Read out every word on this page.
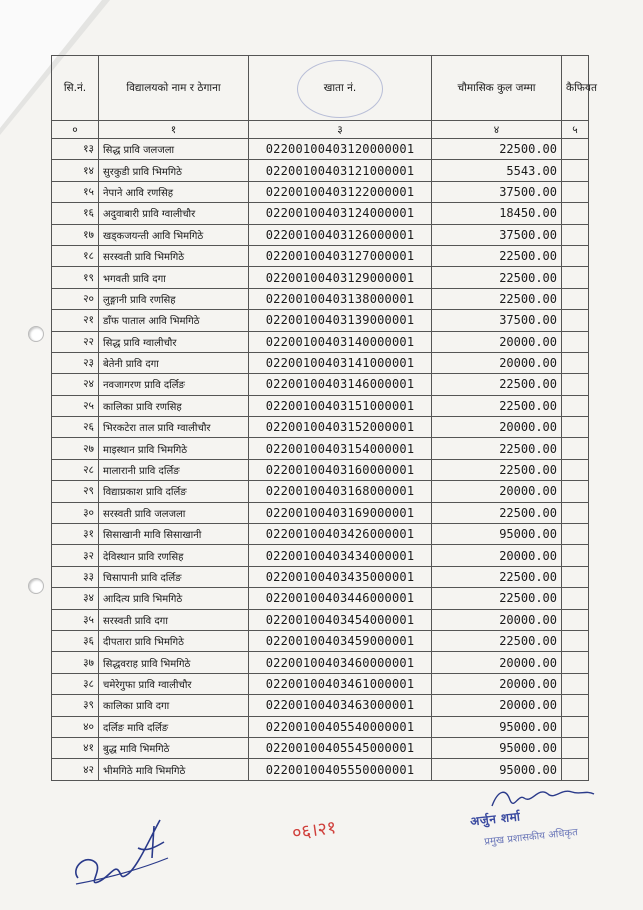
सि.नं.	विद्यालयको नाम र ठेगाना	खाता नं.	चौमासिक कुल जम्मा	कैफियत
०	१	३	४	५
१३	सिद्ध प्रावि जलजला	02200100403120000001	22500.00	
१४	सुरकुडी प्रावि भिमगिठे	02200100403121000001	5543.00	
१५	नेपाने आवि रणसिह	02200100403122000001	37500.00	
१६	अदुवाबारी प्रावि ग्वालीचौर	02200100403124000001	18450.00	
१७	खड्कजयन्ती आवि भिमगिठे	02200100403126000001	37500.00	
१८	सरस्वती प्रावि भिमगिठे	02200100403127000001	22500.00	
१९	भगवती प्रावि दगा	02200100403129000001	22500.00	
२०	लुङ्गानी प्रावि रणसिह	02200100403138000001	22500.00	
२१	डाँफ पाताल आवि भिमगिठे	02200100403139000001	37500.00	
२२	सिद्ध प्रावि ग्वालीचौर	02200100403140000001	20000.00	
२३	बेतेनी प्रावि दगा	02200100403141000001	20000.00	
२४	नवजागरण प्रावि दर्लिङ	02200100403146000001	22500.00	
२५	कालिका प्रावि रणसिह	02200100403151000001	22500.00	
२६	भिरकटेरा ताल प्रावि ग्वालीचौर	02200100403152000001	20000.00	
२७	माइस्थान प्रावि भिमगिठे	02200100403154000001	22500.00	
२८	मालारानी प्रावि दर्लिङ	02200100403160000001	22500.00	
२९	विद्याप्रकाश प्रावि दर्लिङ	02200100403168000001	20000.00	
३०	सरस्वती प्रावि जलजला	02200100403169000001	22500.00	
३१	सिसाखानी मावि सिसाखानी	02200100403426000001	95000.00	
३२	देविस्थान प्रावि रणसिह	02200100403434000001	20000.00	
३३	चिसापानी प्रावि दर्लिङ	02200100403435000001	22500.00	
३४	आदित्य प्रावि भिमगिठे	02200100403446000001	22500.00	
३५	सरस्वती प्रावि दगा	02200100403454000001	20000.00	
३६	दीपतारा प्रावि भिमगिठे	02200100403459000001	22500.00	
३७	सिद्धवराह प्रावि भिमगिठे	02200100403460000001	20000.00	
३८	चमेरेगुफा प्रावि ग्वालीचौर	02200100403461000001	20000.00	
३९	कालिका प्रावि दगा	02200100403463000001	20000.00	
४०	दर्लिङ मावि दर्लिङ	02200100405540000001	95000.00	
४१	बुद्ध मावि भिमगिठे	02200100405545000001	95000.00	
४२	भीमगिठे मावि भिमगिठे	02200100405550000001	95000.00	
०६।२१	अर्जुन शर्मा
प्रमुख प्रशासकीय अधिकृत
